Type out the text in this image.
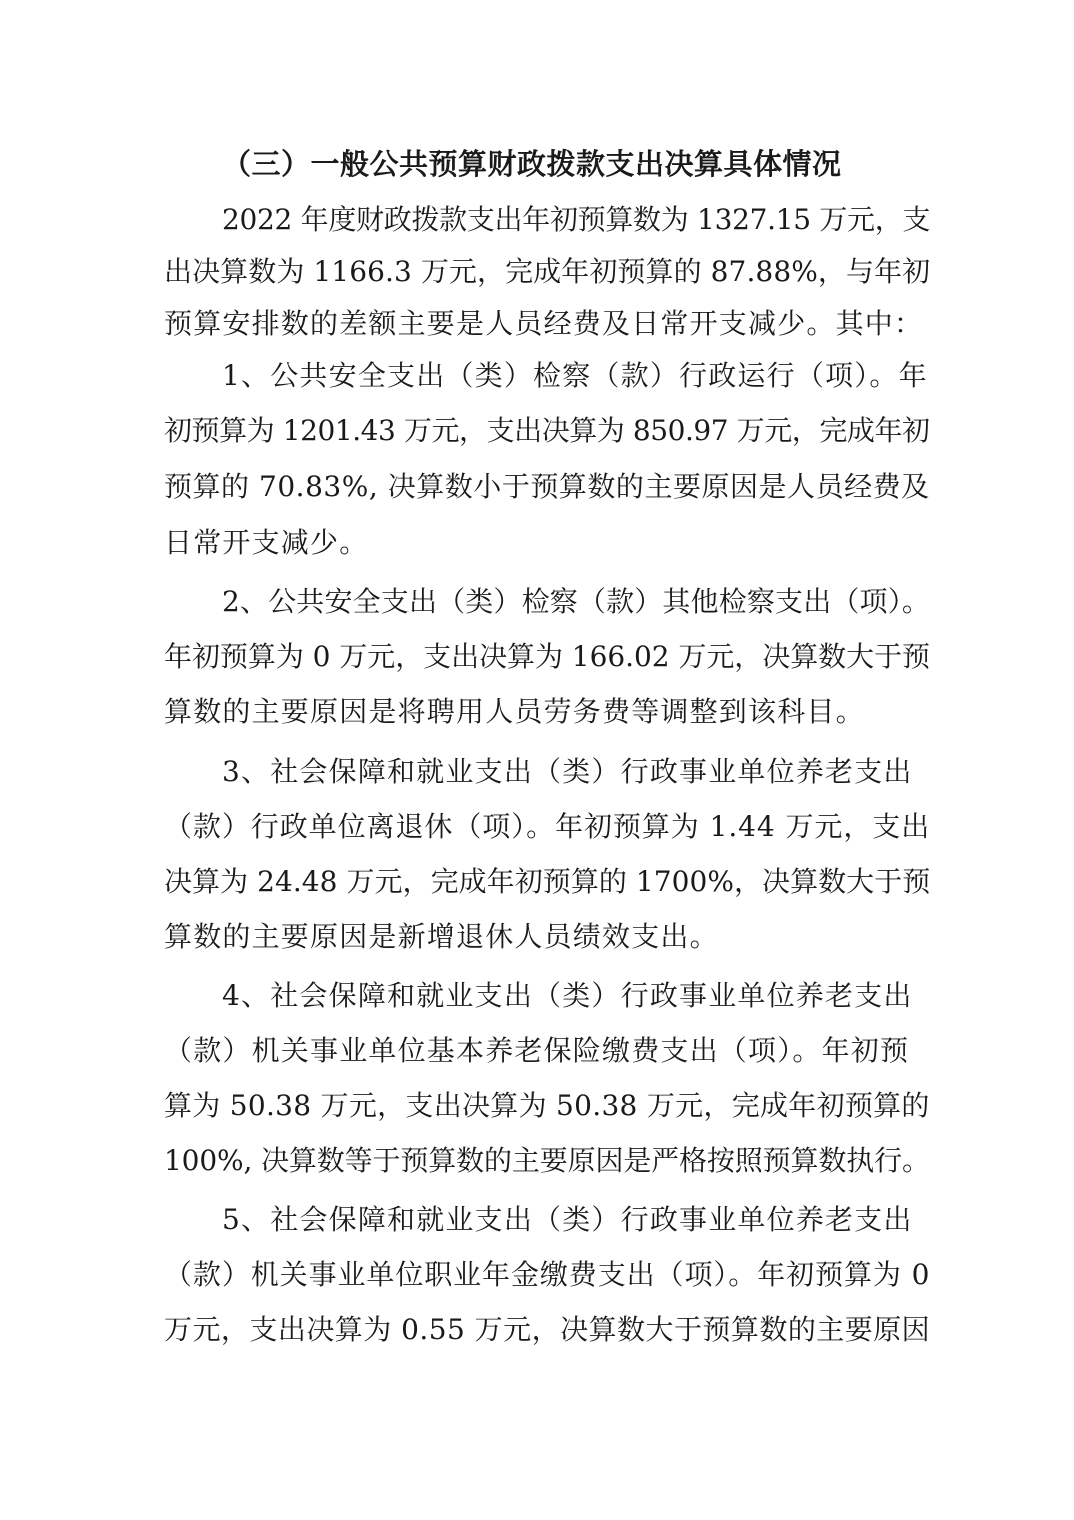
（三）一般公共预算财政拨款支出决算具体情况
2022 年度财政拨款支出年初预算数为 1327.15 万元，支
出决算数为 1166.3 万元，完成年初预算的 87.88%，与年初
预算安排数的差额主要是人员经费及日常开支减少。其中：
1、公共安全支出（类）检察（款）行政运行（项）。年
初预算为 1201.43 万元，支出决算为 850.97 万元，完成年初
预算的 70.83%, 决算数小于预算数的主要原因是人员经费及
日常开支减少。
2、公共安全支出（类）检察（款）其他检察支出（项）。
年初预算为 0 万元，支出决算为 166.02 万元，决算数大于预
算数的主要原因是将聘用人员劳务费等调整到该科目。
3、社会保障和就业支出（类）行政事业单位养老支出
（款）行政单位离退休（项）。年初预算为 1.44 万元，支出
决算为 24.48 万元，完成年初预算的 1700%，决算数大于预
算数的主要原因是新增退休人员绩效支出。
4、社会保障和就业支出（类）行政事业单位养老支出
（款）机关事业单位基本养老保险缴费支出（项）。年初预
算为 50.38 万元，支出决算为 50.38 万元，完成年初预算的
100%, 决算数等于预算数的主要原因是严格按照预算数执行。
5、社会保障和就业支出（类）行政事业单位养老支出
（款）机关事业单位职业年金缴费支出（项）。年初预算为 0
万元，支出决算为 0.55 万元，决算数大于预算数的主要原因
